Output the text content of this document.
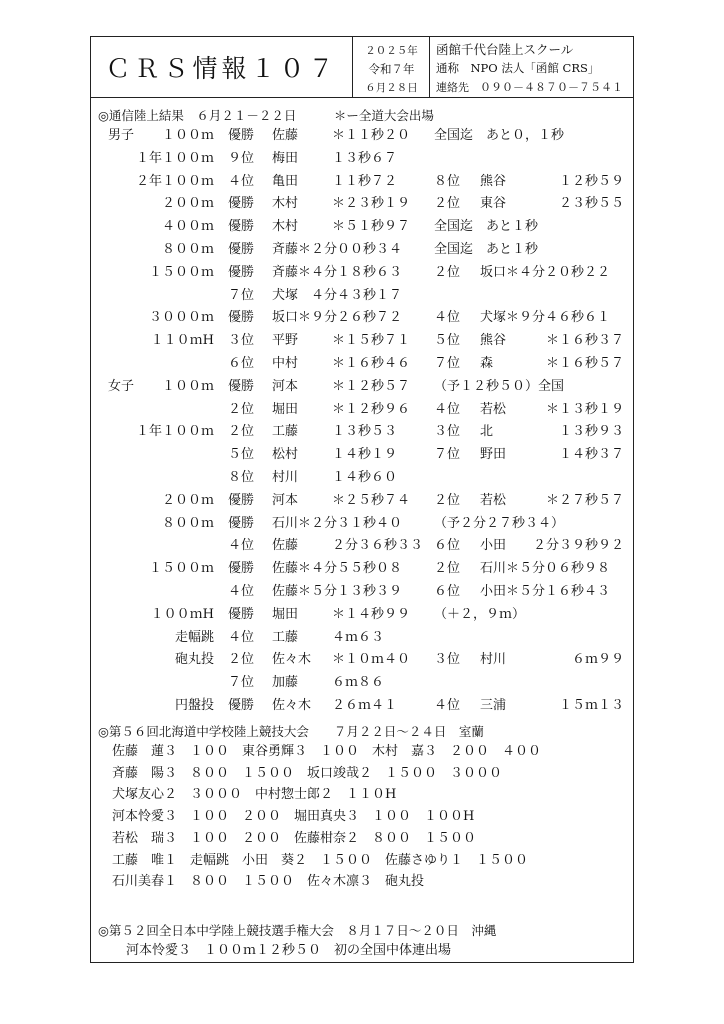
ＣＲＳ情報１０７
２０２５年
令和７年
６月２８日
函館千代台陸上スクール
通称　NPO 法人「函館 CRS」
連絡先　０９０－４８７０－７５４１
◎通信陸上結果　６月２１－２２日　　　＊ー全道大会出場
男子 １００ｍ 優勝 佐藤	＊１１秒２０ 全国迄　あと０，１秒
１年１００ｍ ９位 梅田	１３秒６７
２年１００ｍ ４位 亀田	１１秒７２	８位 熊谷	１２秒５９
２００ｍ 優勝 木村	＊２３秒１９ ２位 東谷	２３秒５５
４００ｍ 優勝 木村	＊５１秒９７ 全国迄　あと１秒
８００ｍ 優勝 斉藤＊２分００秒３４ 全国迄　あと１秒
１５００ｍ 優勝 斉藤＊４分１８秒６３ ２位 坂口＊４分２０秒２２
７位 犬塚　４分４３秒１７
３０００ｍ 優勝 坂口＊９分２６秒７２ ４位 犬塚＊９分４６秒６１
１１０ｍH ３位 平野	＊１５秒７１ ５位 熊谷	＊１６秒３７
６位 中村	＊１６秒４６ ７位 森	＊１６秒５７
女子 １００ｍ 優勝 河本	＊１２秒５７ （予１２秒５０）全国
２位 堀田	＊１２秒９６ ４位 若松	＊１３秒１９
１年１００ｍ ２位 工藤	１３秒５３	３位 北	１３秒９３
５位 松村	１４秒１９	７位 野田	１４秒３７
８位 村川	１４秒６０
２００ｍ 優勝 河本	＊２５秒７４ ２位 若松	＊２７秒５７
８００ｍ 優勝 石川＊２分３１秒４０ （予２分２７秒３４）
４位 佐藤	２分３６秒３３ ６位 小田 ２分３９秒９２
１５００ｍ 優勝 佐藤＊４分５５秒０８ ２位 石川＊５分０６秒９８
４位 佐藤＊５分１３秒３９ ６位 小田＊５分１６秒４３
１００ｍH 優勝 堀田	＊１４秒９９ （＋２，９ｍ）
走幅跳 ４位 工藤	４ｍ６３
砲丸投 ２位 佐々木 ＊１０ｍ４０ ３位 村川	６ｍ９９
７位 加藤	６ｍ８６
円盤投 優勝 佐々木 ２６ｍ４１	４位 三浦	１５ｍ１３
◎第５６回北海道中学校陸上競技大会　　７月２２日～２４日　室蘭
佐藤　蓮３　１００　東谷勇輝３　１００　木村　嘉３　２００　４００
斉藤　陽３　８００　１５００　坂口竣哉２　１５００　３０００
犬塚友心２　３０００　中村惣士郎２　１１０H
河本怜愛３　１００　２００　堀田真央３　１００　１００H
若松　瑞３　１００　２００　佐藤柑奈２　８００　１５００
工藤　唯１　走幅跳　小田　葵２　１５００　佐藤さゆり１　１５００
石川美春１　８００　１５００　佐々木凛３　砲丸投
◎第５２回全日本中学陸上競技選手権大会　８月１７日～２０日　沖縄
河本怜愛３　１００ｍ１２秒５０　初の全国中体連出場
